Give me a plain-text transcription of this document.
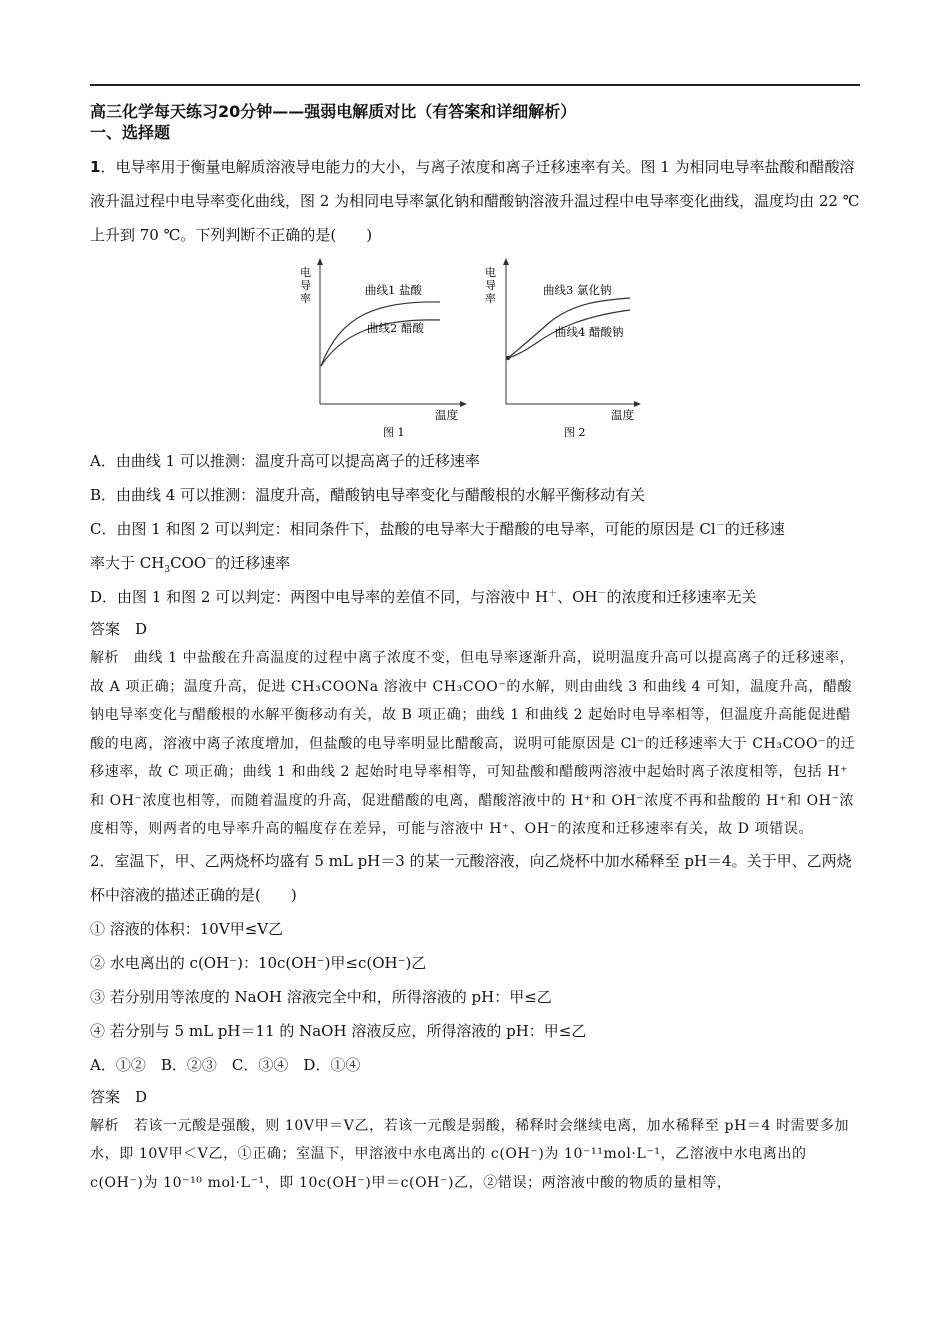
高三化学每天练习20分钟——强弱电解质对比（有答案和详细解析）

一、选择题

1．电导率用于衡量电解质溶液导电能力的大小，与离子浓度和离子迁移速率有关。图 1 为相同电导率盐酸和醋酸溶液升温过程中电导率变化曲线，图 2 为相同电导率氯化钠和醋酸钠溶液升温过程中电导率变化曲线，温度均由 22 ℃上升到 70 ℃。下列判断不正确的是(　　)

电
导
率
曲线1 盐酸
曲线2 醋酸
温度
图 1
电
导
率
曲线3 氯化钠
曲线4 醋酸钠
温度
图 2

A．由曲线 1 可以推测：温度升高可以提高离子的迁移速率

B．由曲线 4 可以推测：温度升高，醋酸钠电导率变化与醋酸根的水解平衡移动有关

C．由图 1 和图 2 可以判定：相同条件下，盐酸的电导率大于醋酸的电导率，可能的原因是 Cl－的迁移速

率大于 $CH_3COO^-$的迁移速率

D．由图 1 和图 2 可以判定：两图中电导率的差值不同，与溶液中 H＋、OH－的浓度和迁移速率无关

答案　 D

解析　 曲线 1 中盐酸在升高温度的过程中离子浓度不变，但电导率逐渐升高，说明温度升高可以提高离子的迁移速率，故 A 项正确；温度升高，促进 CH₃COONa 溶液中 CH₃COO⁻的水解，则由曲线 3 和曲线 4 可知，温度升高，醋酸钠电导率变化与醋酸根的水解平衡移动有关，故 B 项正确；曲线 1 和曲线 2 起始时电导率相等，但温度升高能促进醋酸的电离，溶液中离子浓度增加，但盐酸的电导率明显比醋酸高，说明可能原因是 Cl⁻的迁移速率大于 CH₃COO⁻的迁移速率，故 C 项正确；曲线 1 和曲线 2 起始时电导率相等，可知盐酸和醋酸两溶液中起始时离子浓度相等，包括 H⁺和 OH⁻浓度也相等，而随着温度的升高，促进醋酸的电离，醋酸溶液中的 H⁺和 OH⁻浓度不再和盐酸的 H⁺和 OH⁻浓度相等，则两者的电导率升高的幅度存在差异，可能与溶液中 H⁺、OH⁻的浓度和迁移速率有关，故 D 项错误。

2．室温下，甲、乙两烧杯均盛有 5 mL pH＝3 的某一元酸溶液，向乙烧杯中加水稀释至 pH＝4。关于甲、乙两烧杯中溶液的描述正确的是(　　)

① 溶液的体积：10V甲≤V乙

② 水电离出的 c(OH⁻)：10c(OH⁻)甲≤c(OH⁻)乙

③ 若分别用等浓度的 NaOH 溶液完全中和，所得溶液的 pH：甲≤乙

④ 若分别与 5 mL pH＝11 的 NaOH 溶液反应，所得溶液的 pH：甲≤乙

A．①②　B．②③　C．③④　D．①④

答案　 D

解析　 若该一元酸是强酸，则 10V甲＝V乙，若该一元酸是弱酸，稀释时会继续电离，加水稀释至 pH＝4 时需要多加水，即 10V甲＜V乙，①正确；室温下，甲溶液中水电离出的 c(OH⁻)为 10⁻¹¹mol·L⁻¹，乙溶液中水电离出的 c(OH⁻)为 10⁻¹⁰ mol·L⁻¹，即 10c(OH⁻)甲＝c(OH⁻)乙，②错误；两溶液中酸的物质的量相等，
